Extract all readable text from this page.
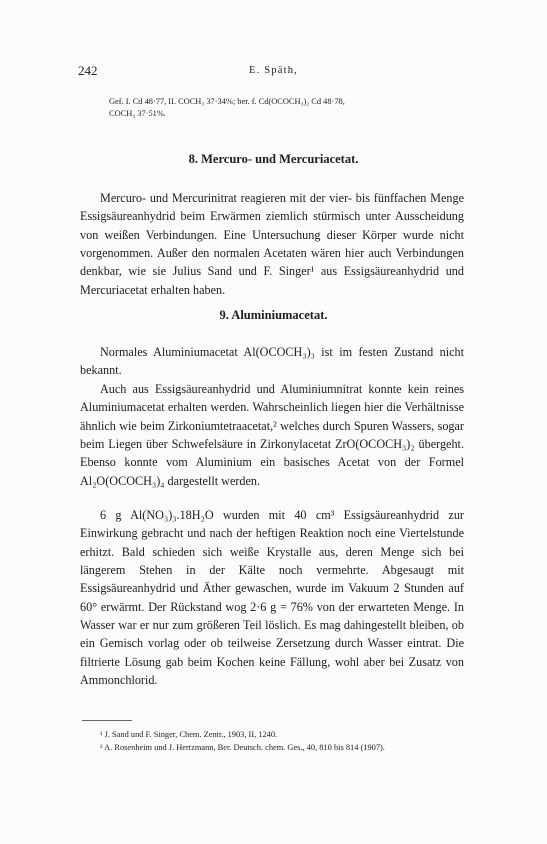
242	E. Späth,
Gef. I. Cd 48·77, II. COCH₃ 37·34%; ber. f. Cd(OCOCH₃)₂ Cd 48·78,
COCH₃ 37·51%.
8. Mercuro- und Mercuriacetat.

Mercuro- und Mercurinitrat reagieren mit der vier- bis fünffachen Menge Essigsäureanhydrid beim Erwärmen ziemlich stürmisch unter Ausscheidung von weißen Verbindungen. Eine Untersuchung dieser Körper wurde nicht vorgenommen. Außer den normalen Acetaten wären hier auch Verbindungen denkbar, wie sie Julius Sand und F. Singer¹ aus Essigsäureanhydrid und Mercuriacetat erhalten haben.

9. Aluminiumacetat.

Normales Aluminiumacetat Al(OCOCH₃)₃ ist im festen Zustand nicht bekannt.

Auch aus Essigsäureanhydrid und Aluminiumnitrat konnte kein reines Aluminiumacetat erhalten werden. Wahrscheinlich liegen hier die Verhältnisse ähnlich wie beim Zirkoniumtetraacetat,² welches durch Spuren Wassers, sogar beim Liegen über Schwefelsäure in Zirkonylacetat ZrO(OCOCH₃)₂ übergeht. Ebenso konnte vom Aluminium ein basisches Acetat von der Formel Al₂O(OCOCH₃)₄ dargestellt werden.

6 g Al(NO₃)₃.18H₂O wurden mit 40 cm³ Essigsäureanhydrid zur Einwirkung gebracht und nach der heftigen Reaktion noch eine Viertelstunde erhitzt. Bald schieden sich weiße Krystalle aus, deren Menge sich bei längerem Stehen in der Kälte noch vermehrte. Abgesaugt mit Essigsäureanhydrid und Äther gewaschen, wurde im Vakuum 2 Stunden auf 60° erwärmt. Der Rückstand wog 2·6 g = 76% von der erwarteten Menge. In Wasser war er nur zum größeren Teil löslich. Es mag dahingestellt bleiben, ob ein Gemisch vorlag oder ob teilweise Zersetzung durch Wasser eintrat. Die filtrierte Lösung gab beim Kochen keine Fällung, wohl aber bei Zusatz von Ammonchlorid.

¹ J. Sand und F. Singer, Chem. Zentr., 1903, II, 1240.
² A. Rosenheim und J. Hertzmann, Ber. Deutsch. chem. Ges., 40, 810 bis 814 (1907).
